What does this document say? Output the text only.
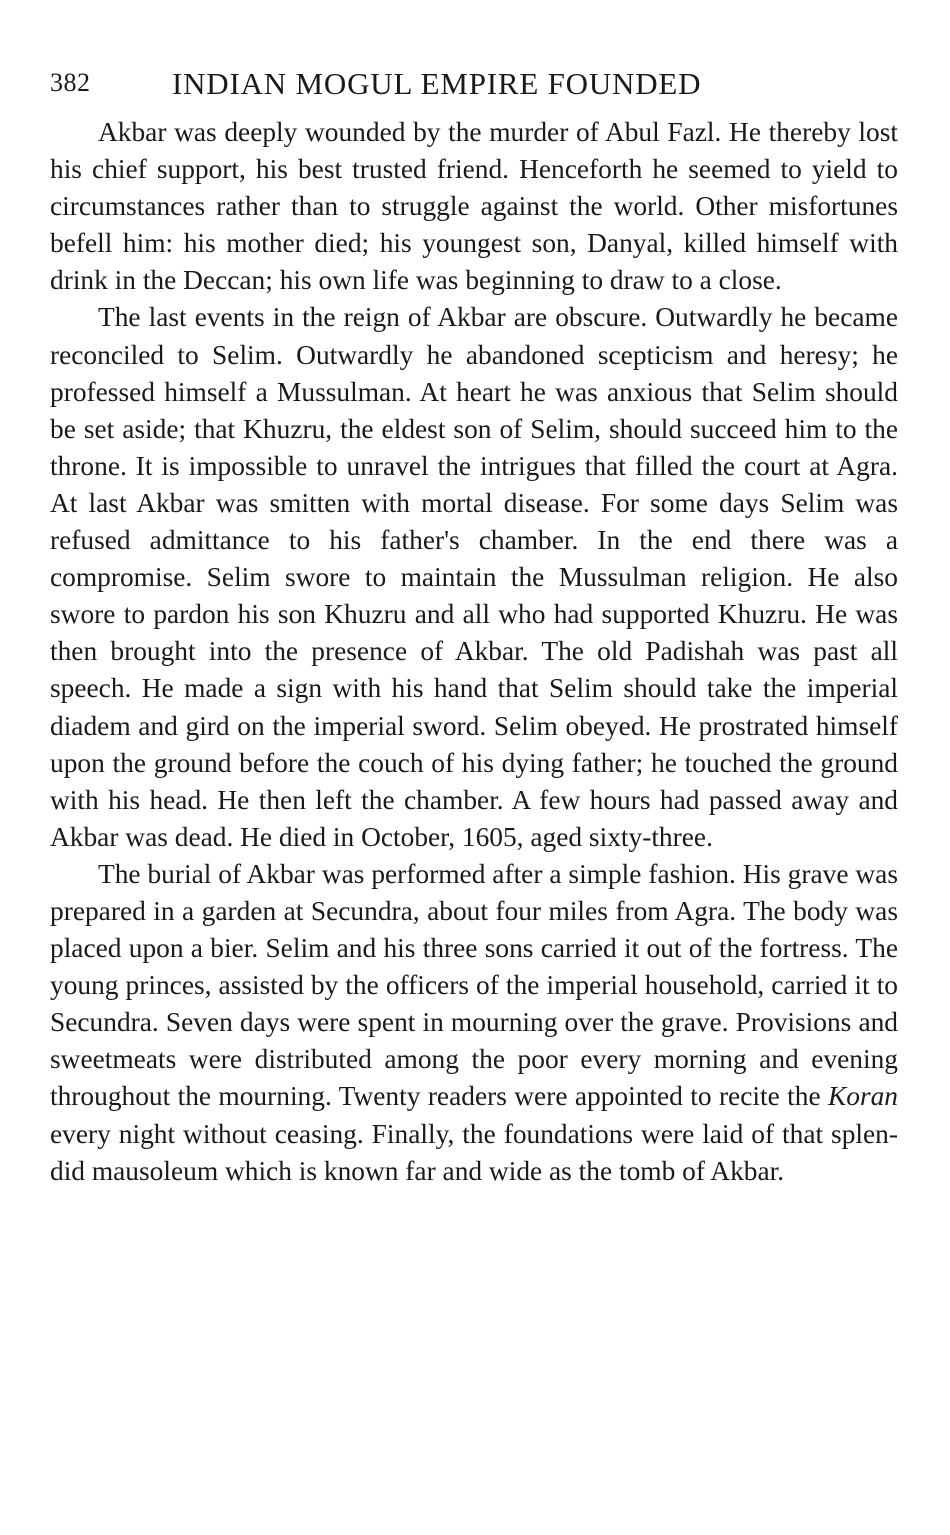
382	INDIAN MOGUL EMPIRE FOUNDED

Akbar was deeply wounded by the murder of Abul Fazl. He thereby lost his chief support, his best trusted friend. Henceforth he seemed to yield to circumstances rather than to struggle against the world. Other misfortunes befell him: his mother died; his youngest son, Danyal, killed himself with drink in the Deccan; his own life was beginning to draw to a close.

The last events in the reign of Akbar are obscure. Outwardly he became reconciled to Selim. Outwardly he abandoned scepticism and heresy; he professed himself a Mussulman. At heart he was anxious that Selim should be set aside; that Khuzru, the eldest son of Selim, should succeed him to the throne. It is impossible to unravel the intrigues that filled the court at Agra. At last Akbar was smitten with mortal disease. For some days Selim was refused admittance to his father's chamber. In the end there was a compromise. Selim swore to maintain the Mussulman religion. He also swore to pardon his son Khuzru and all who had supported Khuzru. He was then brought into the presence of Akbar. The old Padishah was past all speech. He made a sign with his hand that Selim should take the imperial diadem and gird on the imperial sword. Selim obeyed. He prostrated himself upon the ground before the couch of his dying father; he touched the ground with his head. He then left the chamber. A few hours had passed away and Akbar was dead. He died in October, 1605, aged sixty-three.

The burial of Akbar was performed after a simple fashion. His grave was prepared in a garden at Secundra, about four miles from Agra. The body was placed upon a bier. Selim and his three sons carried it out of the fortress. The young princes, assisted by the officers of the imperial household, carried it to Secundra. Seven days were spent in mourning over the grave. Provisions and sweetmeats were distributed among the poor every morning and evening throughout the mourning. Twenty readers were appointed to recite the Koran every night without ceasing. Finally, the foundations were laid of that splendid mausoleum which is known far and wide as the tomb of Akbar.
